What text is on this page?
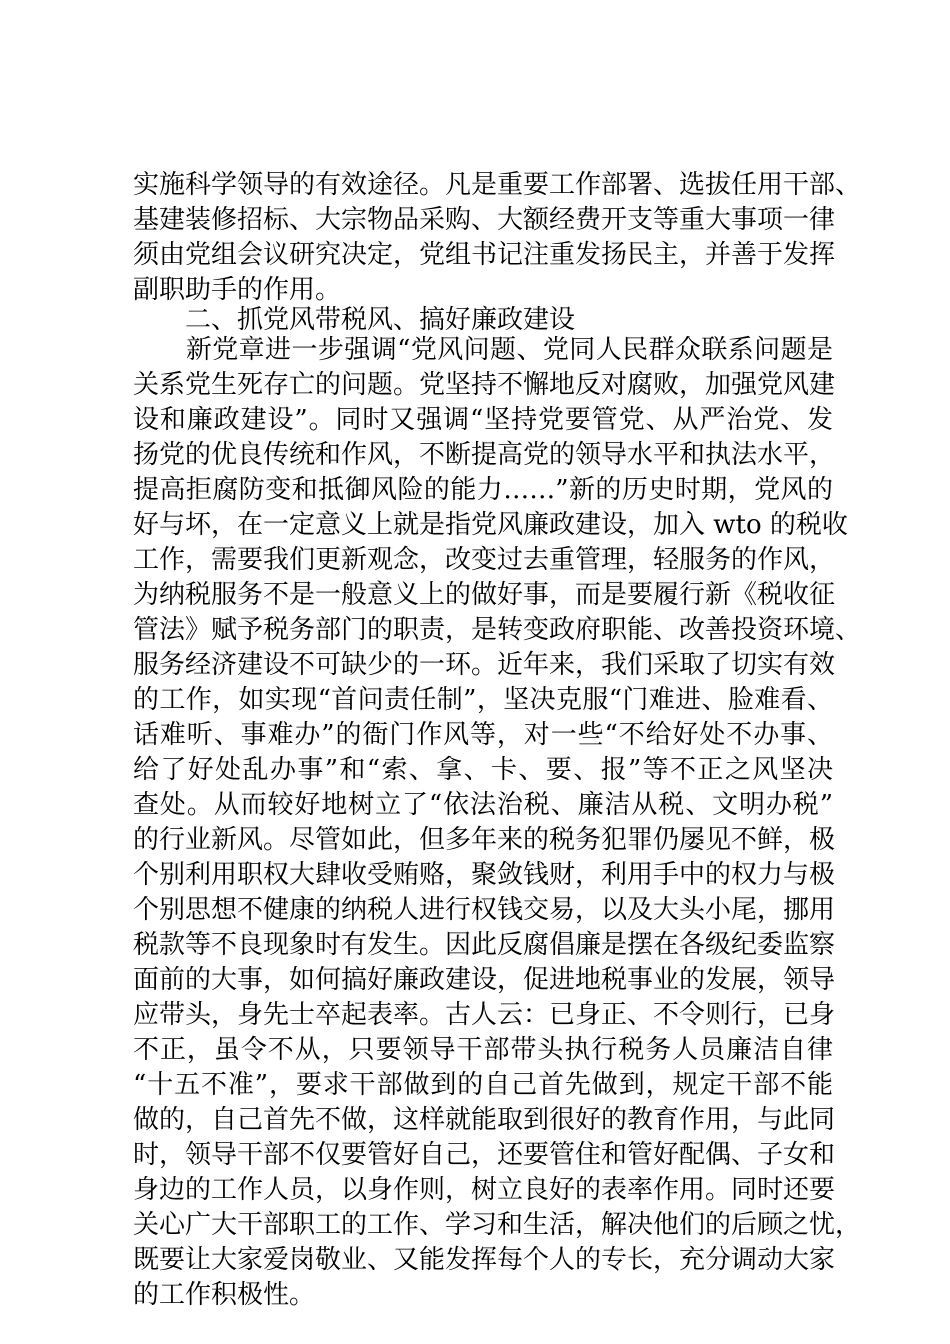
实施科学领导的有效途径。凡是重要工作部署、选拔任用干部、
基建装修招标、大宗物品采购、大额经费开支等重大事项一律
须由党组会议研究决定，党组书记注重发扬民主，并善于发挥
副职助手的作用。
　　二、抓党风带税风、搞好廉政建设
　　新党章进一步强调“党风问题、党同人民群众联系问题是
关系党生死存亡的问题。党坚持不懈地反对腐败，加强党风建
设和廉政建设”。同时又强调“坚持党要管党、从严治党、发
扬党的优良传统和作风，不断提高党的领导水平和执法水平，
提高拒腐防变和抵御风险的能力……”新的历史时期，党风的
好与坏，在一定意义上就是指党风廉政建设，加入 wto 的税收
工作，需要我们更新观念，改变过去重管理，轻服务的作风，
为纳税服务不是一般意义上的做好事，而是要履行新《税收征
管法》赋予税务部门的职责，是转变政府职能、改善投资环境、
服务经济建设不可缺少的一环。近年来，我们采取了切实有效
的工作，如实现“首问责任制”，坚决克服“门难进、脸难看、
话难听、事难办”的衙门作风等，对一些“不给好处不办事、
给了好处乱办事”和“索、拿、卡、要、报”等不正之风坚决
查处。从而较好地树立了“依法治税、廉洁从税、文明办税”
的行业新风。尽管如此，但多年来的税务犯罪仍屡见不鲜，极
个别利用职权大肆收受贿赂，聚敛钱财，利用手中的权力与极
个别思想不健康的纳税人进行权钱交易，以及大头小尾，挪用
税款等不良现象时有发生。因此反腐倡廉是摆在各级纪委监察
面前的大事，如何搞好廉政建设，促进地税事业的发展，领导
应带头，身先士卒起表率。古人云：已身正、不令则行，已身
不正，虽令不从，只要领导干部带头执行税务人员廉洁自律
“十五不准”，要求干部做到的自己首先做到，规定干部不能
做的，自己首先不做，这样就能取到很好的教育作用，与此同
时，领导干部不仅要管好自己，还要管住和管好配偶、子女和
身边的工作人员，以身作则，树立良好的表率作用。同时还要
关心广大干部职工的工作、学习和生活，解决他们的后顾之忧，
既要让大家爱岗敬业、又能发挥每个人的专长，充分调动大家
的工作积极性。
